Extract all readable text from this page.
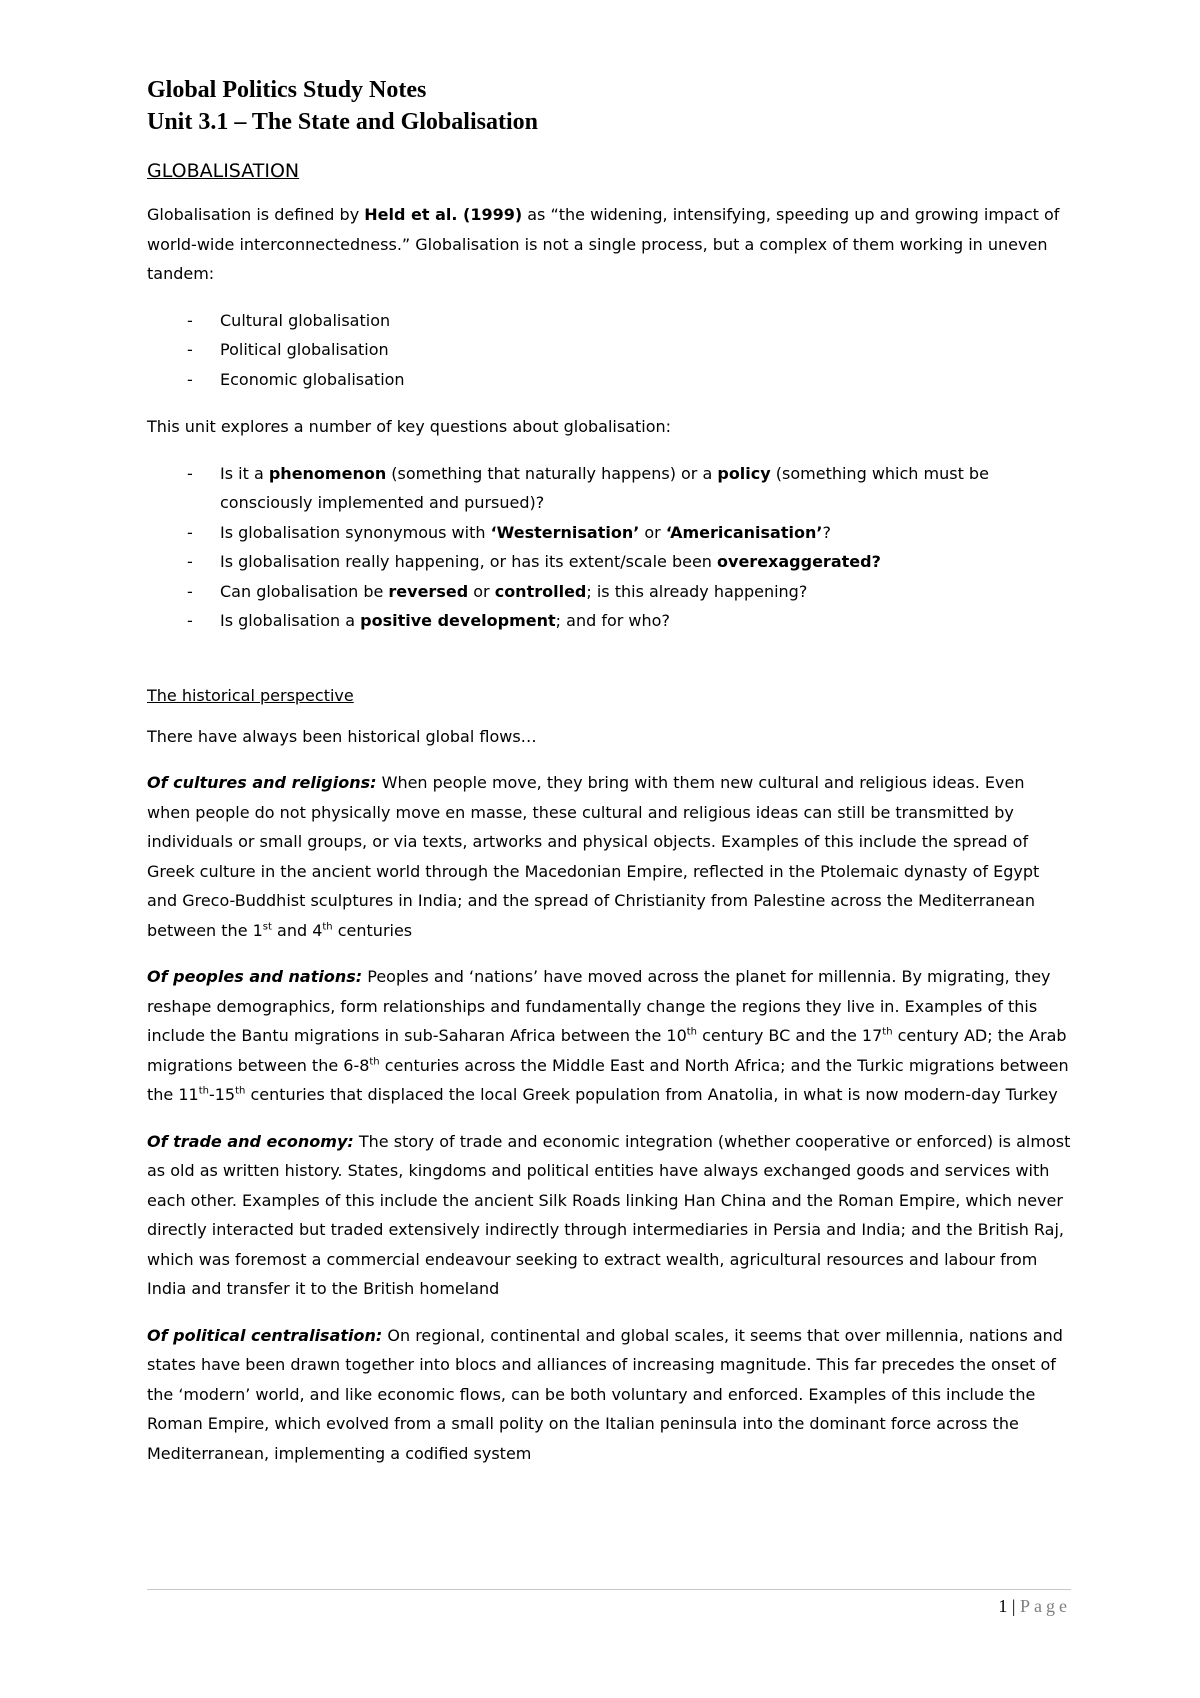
Global Politics Study Notes
Unit 3.1 – The State and Globalisation
GLOBALISATION

Globalisation is defined by Held et al. (1999) as “the widening, intensifying, speeding up and growing impact of world-wide interconnectedness.” Globalisation is not a single process, but a complex of them working in uneven tandem:

- Cultural globalisation
- Political globalisation
- Economic globalisation

This unit explores a number of key questions about globalisation:

- Is it a phenomenon (something that naturally happens) or a policy (something which must be consciously implemented and pursued)?
- Is globalisation synonymous with ‘Westernisation’ or ‘Americanisation’?
- Is globalisation really happening, or has its extent/scale been overexaggerated?
- Can globalisation be reversed or controlled; is this already happening?
- Is globalisation a positive development; and for who?
The historical perspective

There have always been historical global flows…

Of cultures and religions: When people move, they bring with them new cultural and religious ideas. Even when people do not physically move en masse, these cultural and religious ideas can still be transmitted by individuals or small groups, or via texts, artworks and physical objects. Examples of this include the spread of Greek culture in the ancient world through the Macedonian Empire, reflected in the Ptolemaic dynasty of Egypt and Greco-Buddhist sculptures in India; and the spread of Christianity from Palestine across the Mediterranean between the 1st and 4th centuries

Of peoples and nations: Peoples and ‘nations’ have moved across the planet for millennia. By migrating, they reshape demographics, form relationships and fundamentally change the regions they live in. Examples of this include the Bantu migrations in sub-Saharan Africa between the 10th century BC and the 17th century AD; the Arab migrations between the 6-8th centuries across the Middle East and North Africa; and the Turkic migrations between the 11th-15th centuries that displaced the local Greek population from Anatolia, in what is now modern-day Turkey

Of trade and economy: The story of trade and economic integration (whether cooperative or enforced) is almost as old as written history. States, kingdoms and political entities have always exchanged goods and services with each other. Examples of this include the ancient Silk Roads linking Han China and the Roman Empire, which never directly interacted but traded extensively indirectly through intermediaries in Persia and India; and the British Raj, which was foremost a commercial endeavour seeking to extract wealth, agricultural resources and labour from India and transfer it to the British homeland

Of political centralisation: On regional, continental and global scales, it seems that over millennia, nations and states have been drawn together into blocs and alliances of increasing magnitude. This far precedes the onset of the ‘modern’ world, and like economic flows, can be both voluntary and enforced. Examples of this include the Roman Empire, which evolved from a small polity on the Italian peninsula into the dominant force across the Mediterranean, implementing a codified system

1 | Page
